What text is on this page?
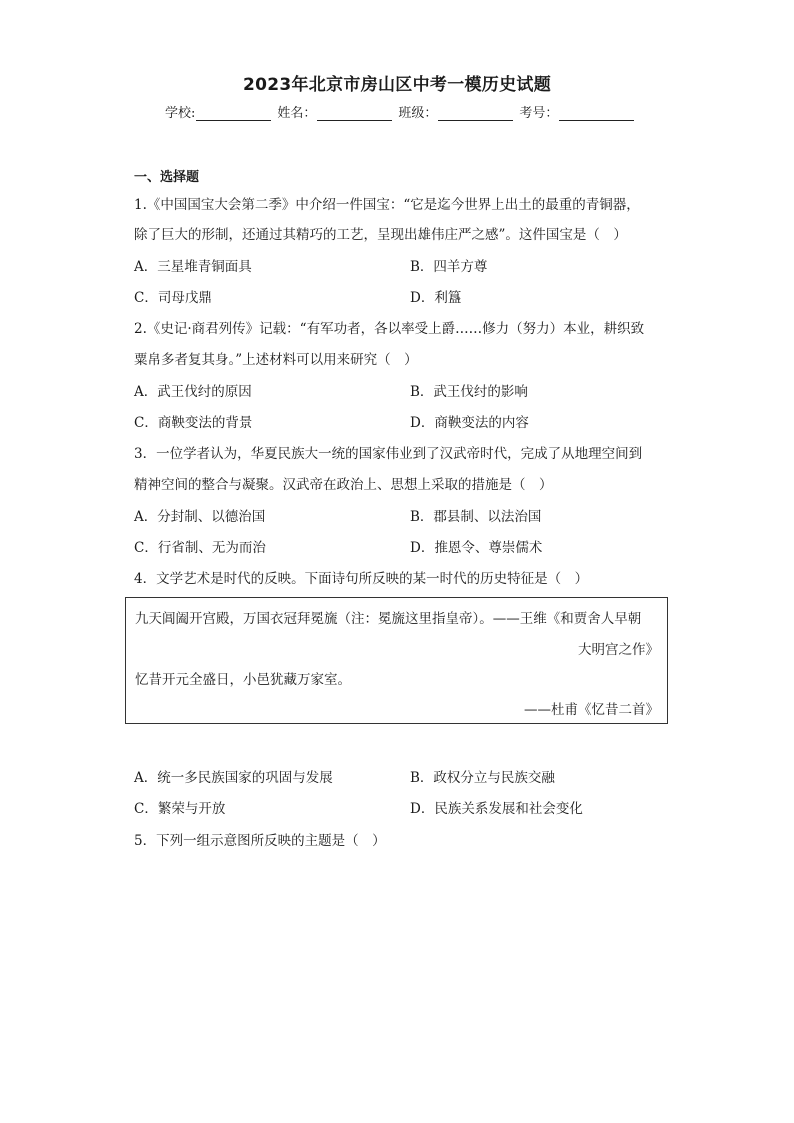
2023年北京市房山区中考一模历史试题
学校:	姓名：	班级：	考号：
一、选择题
1.《中国国宝大会第二季》中介绍一件国宝：“它是迄今世界上出土的最重的青铜器，
除了巨大的形制，还通过其精巧的工艺，呈现出雄伟庄严之感”。这件国宝是（　）
A．三星堆青铜面具	B．四羊方尊
C．司母戊鼎	D．利簋
2.《史记·商君列传》记载：“有军功者，各以率受上爵……修力（努力）本业，耕织致
粟帛多者复其身。”上述材料可以用来研究（　）
A．武王伐纣的原因	B．武王伐纣的影响
C．商鞅变法的背景	D．商鞅变法的内容
3．一位学者认为，华夏民族大一统的国家伟业到了汉武帝时代，完成了从地理空间到
精神空间的整合与凝聚。汉武帝在政治上、思想上采取的措施是（　）
A．分封制、以德治国	B．郡县制、以法治国
C．行省制、无为而治	D．推恩令、尊崇儒术
4．文学艺术是时代的反映。下面诗句所反映的某一时代的历史特征是（　）
九天阊阖开宫殿，万国衣冠拜冕旒（注：冕旒这里指皇帝）。——王维《和贾舍人早朝
大明宫之作》
忆昔开元全盛日，小邑犹藏万家室。
——杜甫《忆昔二首》
A．统一多民族国家的巩固与发展	B．政权分立与民族交融
C．繁荣与开放	D．民族关系发展和社会变化
5．下列一组示意图所反映的主题是（　）
